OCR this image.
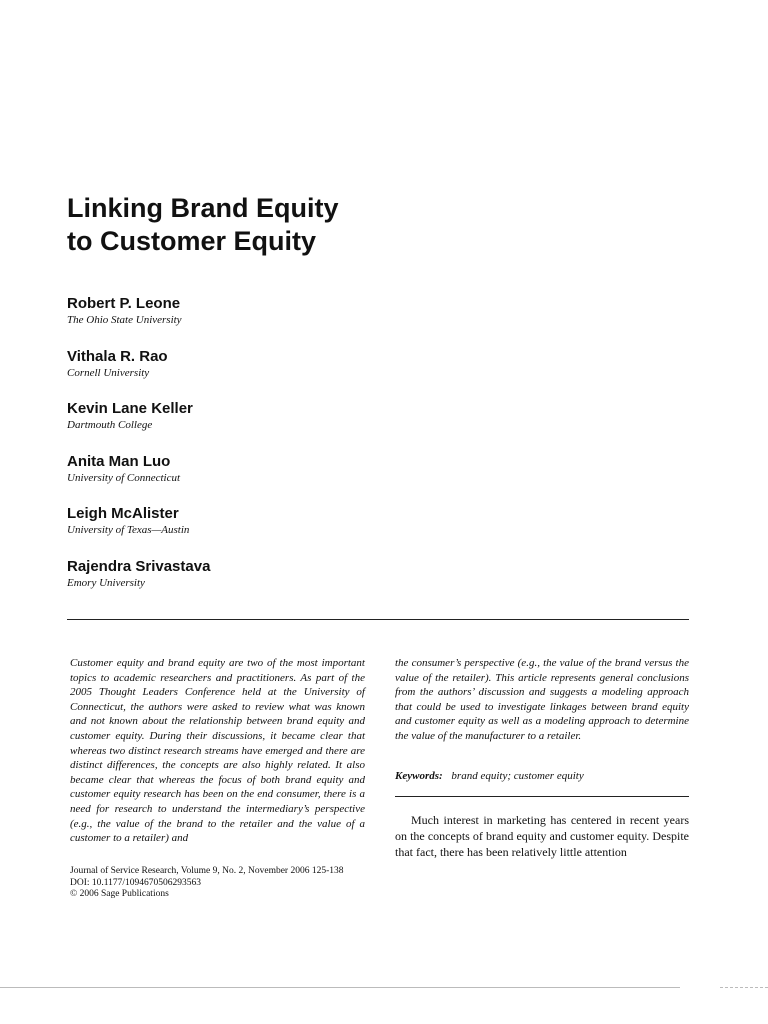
Linking Brand Equity
to Customer Equity
Robert P. Leone
The Ohio State University
Vithala R. Rao
Cornell University
Kevin Lane Keller
Dartmouth College
Anita Man Luo
University of Connecticut
Leigh McAlister
University of Texas—Austin
Rajendra Srivastava
Emory University
Customer equity and brand equity are two of the most important topics to academic researchers and practitioners. As part of the 2005 Thought Leaders Conference held at the University of Connecticut, the authors were asked to review what was known and not known about the relationship between brand equity and customer equity. During their discussions, it became clear that whereas two distinct research streams have emerged and there are distinct differences, the concepts are also highly related. It also became clear that whereas the focus of both brand equity and customer equity research has been on the end consumer, there is a need for research to understand the intermediary’s perspective (e.g., the value of the brand to the retailer and the value of a customer to a retailer) and
the consumer’s perspective (e.g., the value of the brand versus the value of the retailer). This article represents general conclusions from the authors’ discussion and suggests a modeling approach that could be used to investigate linkages between brand equity and customer equity as well as a modeling approach to determine the value of the manufacturer to a retailer.
Keywords: brand equity; customer equity
Much interest in marketing has centered in recent years on the concepts of brand equity and customer equity. Despite that fact, there has been relatively little attention
Journal of Service Research, Volume 9, No. 2, November 2006 125-138
DOI: 10.1177/1094670506293563
© 2006 Sage Publications
